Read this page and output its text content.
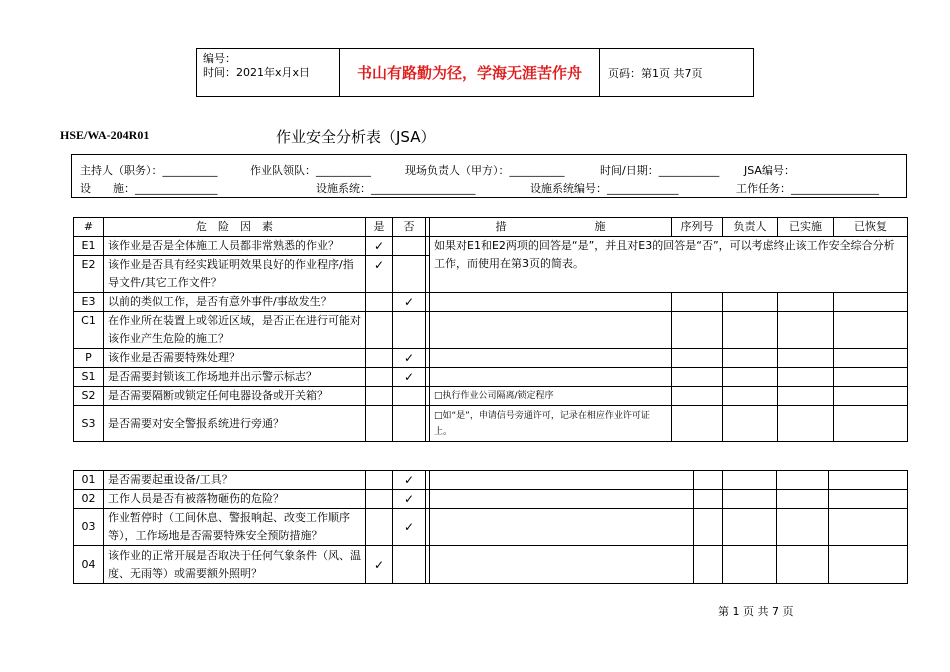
编号：
时间：2021年x月x日	书山有路勤为径，学海无涯苦作舟	页码：第1页 共7页
HSE/WA-204R01	作业安全分析表（JSA）
主持人（职务）：__________	作业队领队：__________	现场负责人（甲方）：__________	时间/日期：___________ JSA编号：
设　　施：_______________	设施系统：___________________	设施系统编号：_____________	工作任务：________________
#	危　险　因　素	是	否		措　　　　　　　　施	序列号	负责人	已实施	已恢复
E1	该作业是否是全体施工人员都非常熟悉的作业？	✓			如果对E1和E2两项的回答是“是”，并且对E3的回答是“否”，可以考虑终止该工作安全综合分析工作，而使用在第3页的简表。				
E2	该作业是否具有经实践证明效果良好的作业程序/指导文件/其它工作文件？	✓							
E3	以前的类似工作，是否有意外事件/事故发生？		✓						
C1	在作业所在装置上或邻近区域，是否正在进行可能对该作业产生危险的施工？								
P	该作业是否需要特殊处理？		✓						
S1	是否需要封锁该工作场地并出示警示标志？		✓						
S2	是否需要隔断或锁定任何电器设备或开关箱？				□执行作业公司隔离/锁定程序				
S3	是否需要对安全警报系统进行旁通？				□如“是”，申请信号旁通许可，记录在相应作业许可证上。				
01	是否需要起重设备/工具？		✓						
02	工作人员是否有被落物砸伤的危险？		✓						
03	作业暂停时（工间休息、警报响起、改变工作顺序等），工作场地是否需要特殊安全预防措施？		✓						
04	该作业的正常开展是否取决于任何气象条件（风、温度、无雨等）或需要额外照明？	✓							
第 1 页 共 7 页
